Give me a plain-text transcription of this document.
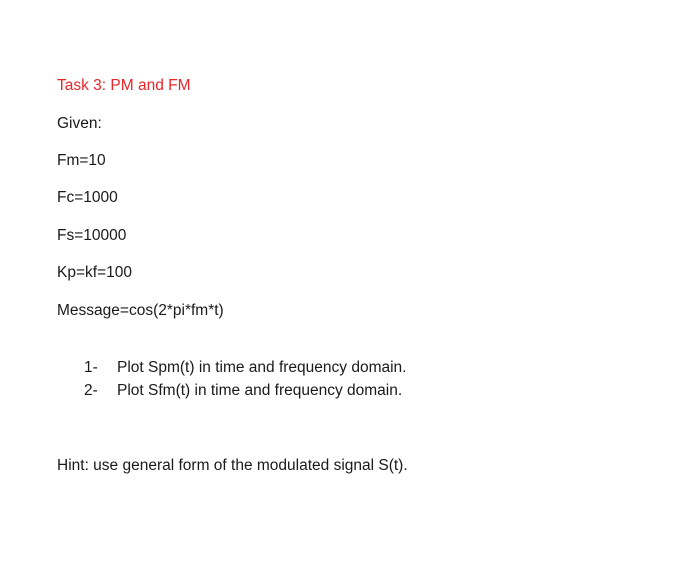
Task 3: PM and FM
Given:
Fm=10
Fc=1000
Fs=10000
Kp=kf=100
Message=cos(2*pi*fm*t)
1- Plot Spm(t) in time and frequency domain.
2- Plot Sfm(t) in time and frequency domain.
Hint: use general form of the modulated signal S(t).
